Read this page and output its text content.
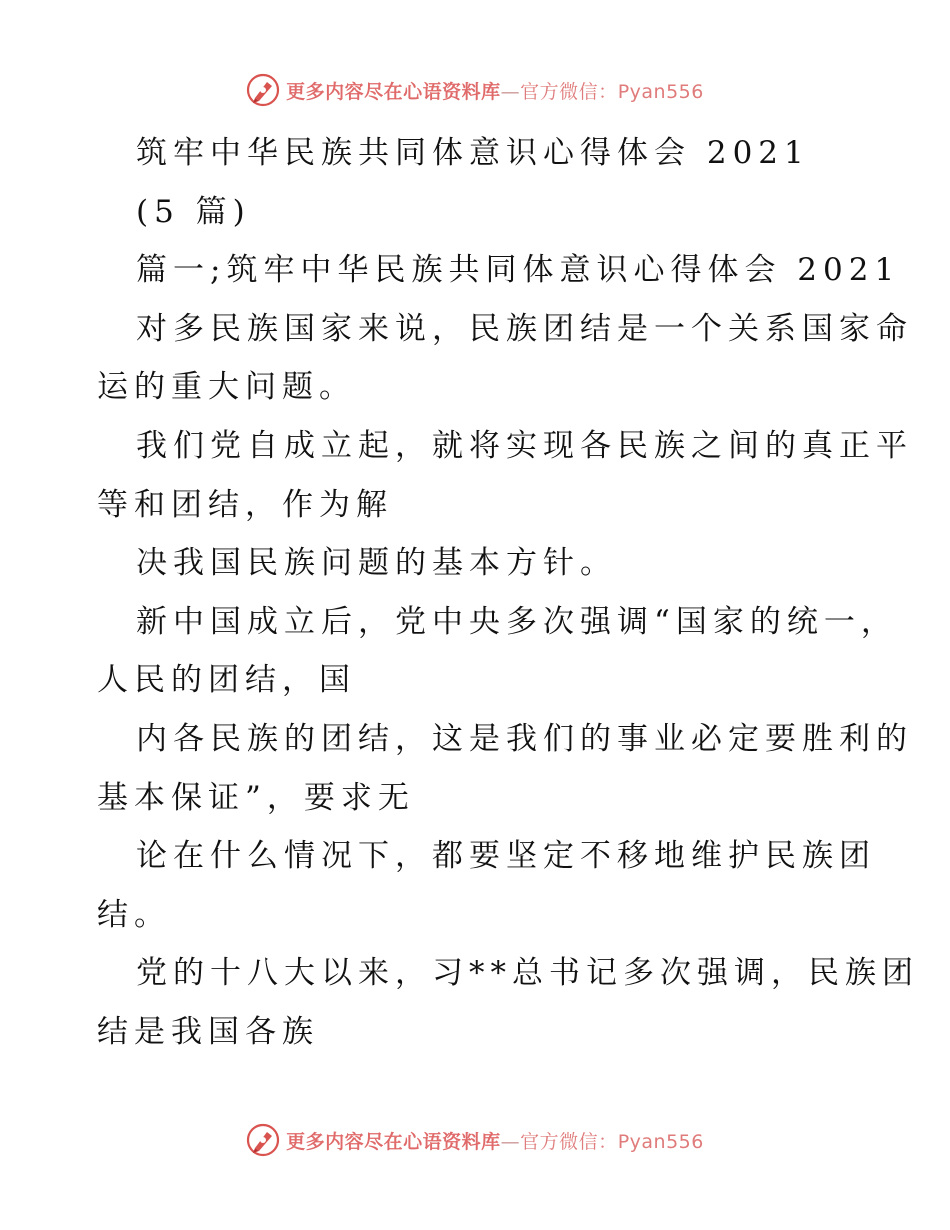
更多内容尽在心语资料库—官方微信：Pyan556
筑牢中华民族共同体意识心得体会 2021
(5 篇)
篇一;筑牢中华民族共同体意识心得体会 2021
对多民族国家来说，民族团结是一个关系国家命
运的重大问题。
我们党自成立起，就将实现各民族之间的真正平
等和团结，作为解
决我国民族问题的基本方针。
新中国成立后，党中央多次强调“国家的统一，
人民的团结，国
内各民族的团结，这是我们的事业必定要胜利的
基本保证”，要求无
论在什么情况下，都要坚定不移地维护民族团
结。
党的十八大以来，习**总书记多次强调，民族团
结是我国各族
更多内容尽在心语资料库—官方微信：Pyan556
